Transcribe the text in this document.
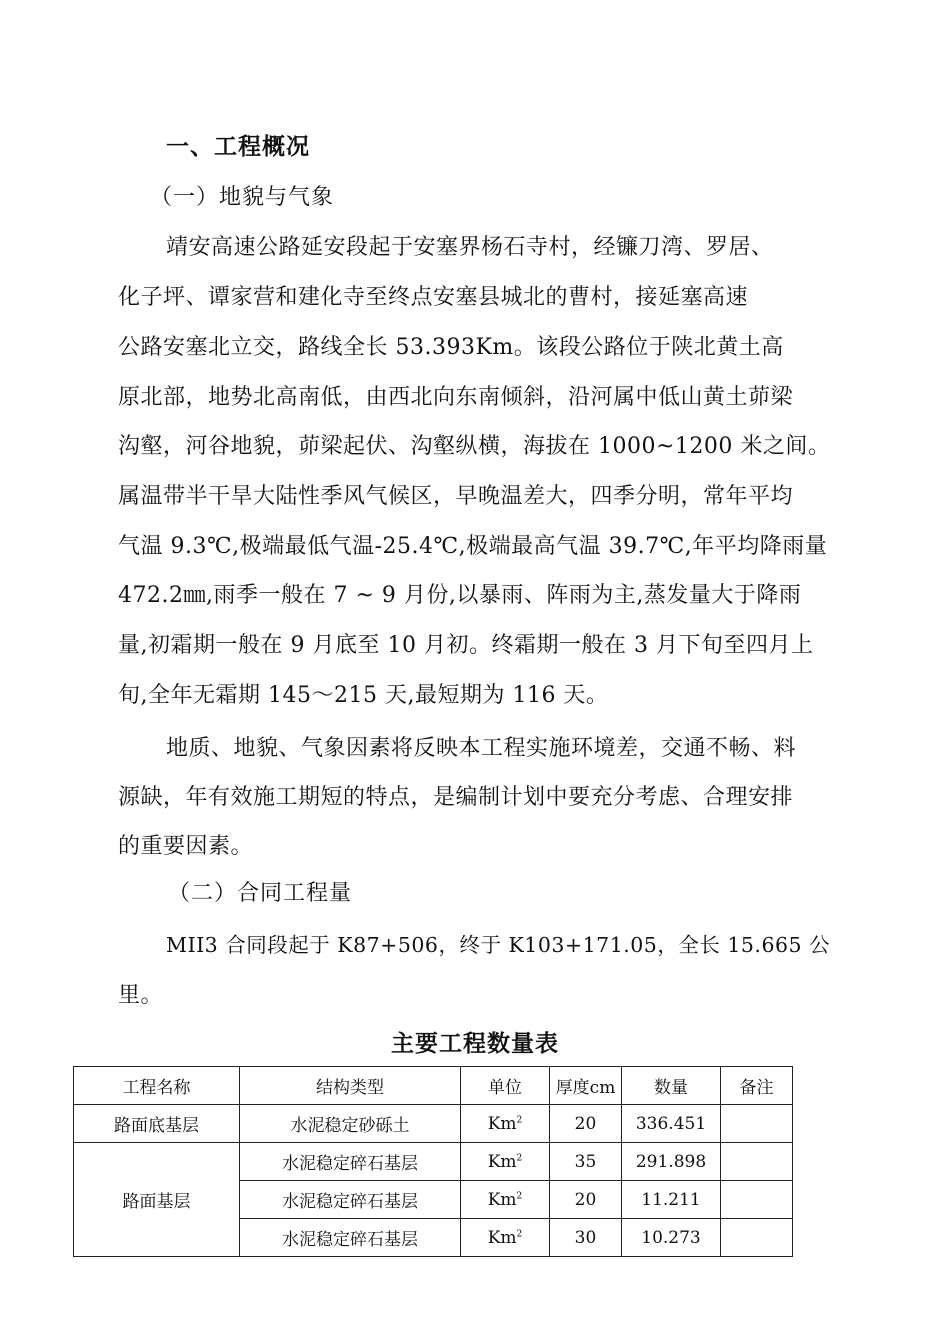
一、工程概况
（一）地貌与气象
靖安高速公路延安段起于安塞界杨石寺村，经镰刀湾、罗居、
化子坪、谭家营和建化寺至终点安塞县城北的曹村，接延塞高速
公路安塞北立交，路线全长 53.393Km。该段公路位于陕北黄土高
原北部，地势北高南低，由西北向东南倾斜，沿河属中低山黄土茆梁
沟壑，河谷地貌，茆梁起伏、沟壑纵横，海拔在 1000~1200 米之间。
属温带半干旱大陆性季风气候区，早晚温差大，四季分明，常年平均
气温 9.3℃,极端最低气温-25.4℃,极端最高气温 39.7℃,年平均降雨量
472.2㎜,雨季一般在 7 ~ 9 月份,以暴雨、阵雨为主,蒸发量大于降雨
量,初霜期一般在 9 月底至 10 月初。终霜期一般在 3 月下旬至四月上
旬,全年无霜期 145～215 天,最短期为 116 天。
地质、地貌、气象因素将反映本工程实施环境差，交通不畅、料
源缺，年有效施工期短的特点，是编制计划中要充分考虑、合理安排
的重要因素。
（二）合同工程量
MII3 合同段起于 K87+506，终于 K103+171.05，全长 15.665 公
里。
主要工程数量表
工程名称	结构类型	单位	厚度cm	数量	备注
路面底基层	水泥稳定砂砾土	Km$^2$	20	336.451	
路面基层	水泥稳定碎石基层	Km$^2$	35	291.898	
	水泥稳定碎石基层	Km$^2$	20	11.211	
	水泥稳定碎石基层	Km$^2$	30	10.273	
